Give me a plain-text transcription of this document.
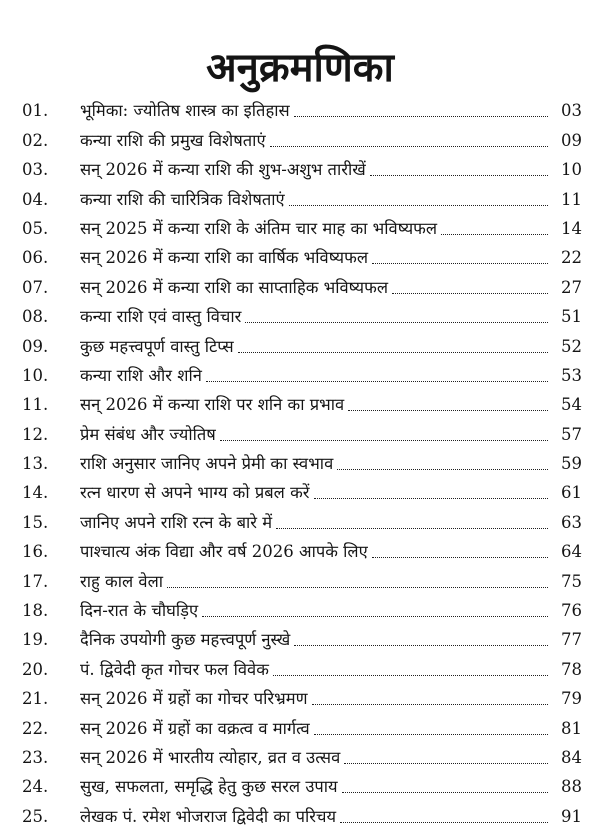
अनुक्रमणिका
01.	भूमिका: ज्योतिष शास्त्र का इतिहास	03
02.	कन्या राशि की प्रमुख विशेषताएं	09
03.	सन् 2026 में कन्या राशि की शुभ-अशुभ तारीखें	10
04.	कन्या राशि की चारित्रिक विशेषताएं	11
05.	सन् 2025 में कन्या राशि के अंतिम चार माह का भविष्यफल	14
06.	सन् 2026 में कन्या राशि का वार्षिक भविष्यफल	22
07.	सन् 2026 में कन्या राशि का साप्ताहिक भविष्यफल	27
08.	कन्या राशि एवं वास्तु विचार	51
09.	कुछ महत्त्वपूर्ण वास्तु टिप्स	52
10.	कन्या राशि और शनि	53
11.	सन् 2026 में कन्या राशि पर शनि का प्रभाव	54
12.	प्रेम संबंध और ज्योतिष	57
13.	राशि अनुसार जानिए अपने प्रेमी का स्वभाव	59
14.	रत्न धारण से अपने भाग्य को प्रबल करें	61
15.	जानिए अपने राशि रत्न के बारे में	63
16.	पाश्चात्य अंक विद्या और वर्ष 2026 आपके लिए	64
17.	राहु काल वेला	75
18.	दिन-रात के चौघड़िए	76
19.	दैनिक उपयोगी कुछ महत्त्वपूर्ण नुस्खे	77
20.	पं. द्विवेदी कृत गोचर फल विवेक	78
21.	सन् 2026 में ग्रहों का गोचर परिभ्रमण	79
22.	सन् 2026 में ग्रहों का वक्रत्व व मार्गत्व	81
23.	सन् 2026 में भारतीय त्योहार, व्रत व उत्सव	84
24.	सुख, सफलता, समृद्धि हेतु कुछ सरल उपाय	88
25.	लेखक पं. रमेश भोजराज द्विवेदी का परिचय	91
